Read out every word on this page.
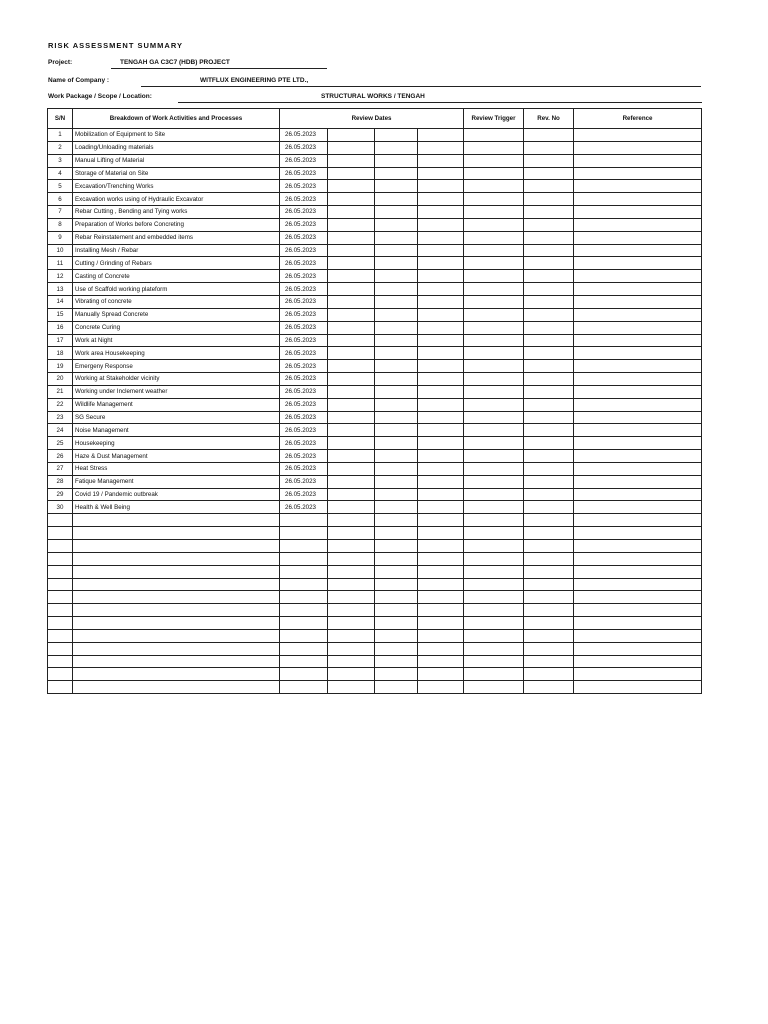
RISK ASSESSMENT SUMMARY
Project:	TENGAH GA C3C7 (HDB) PROJECT
Name of Company :	WITFLUX ENGINEERING PTE LTD.,
Work Package / Scope / Location:	STRUCTURAL WORKS / TENGAH
S/N	Breakdown of Work Activities and Processes	Review Dates				Review Trigger	Rev. No	Reference
1	Mobilization of Equipment to Site	26.05.2023						
2	Loading/Unloading materials	26.05.2023						
3	Manual Lifting of Material	26.05.2023						
4	Storage of Material on Site	26.05.2023						
5	Excavation/Trenching Works	26.05.2023						
6	Excavation works using of Hydraulic Excavator	26.05.2023						
7	Rebar Cutting , Bending and Tying works	26.05.2023						
8	Preparation of Works before Concreting	26.05.2023						
9	Rebar Reinstatement and embedded items	26.05.2023						
10	Installing Mesh / Rebar	26.05.2023						
11	Cutting / Grinding of Rebars	26.05.2023						
12	Casting of Concrete	26.05.2023						
13	Use of Scaffold working plateform	26.05.2023						
14	Vibrating of concrete	26.05.2023						
15	Manually Spread Concrete	26.05.2023						
16	Concrete Curing	26.05.2023						
17	Work at Night	26.05.2023						
18	Work area Housekeeping	26.05.2023						
19	Emergeny Response	26.05.2023						
20	Working at Stakeholder vicinity	26.05.2023						
21	Working under Inclement weather	26.05.2023						
22	Wildlife Management	26.05.2023						
23	SG Secure	26.05.2023						
24	Noise Management	26.05.2023						
25	Housekeeping	26.05.2023						
26	Haze & Dust Management	26.05.2023						
27	Heat Stress	26.05.2023						
28	Fatique Management	26.05.2023						
29	Covid 19 / Pandemic outbreak	26.05.2023						
30	Health & Well Being	26.05.2023						
